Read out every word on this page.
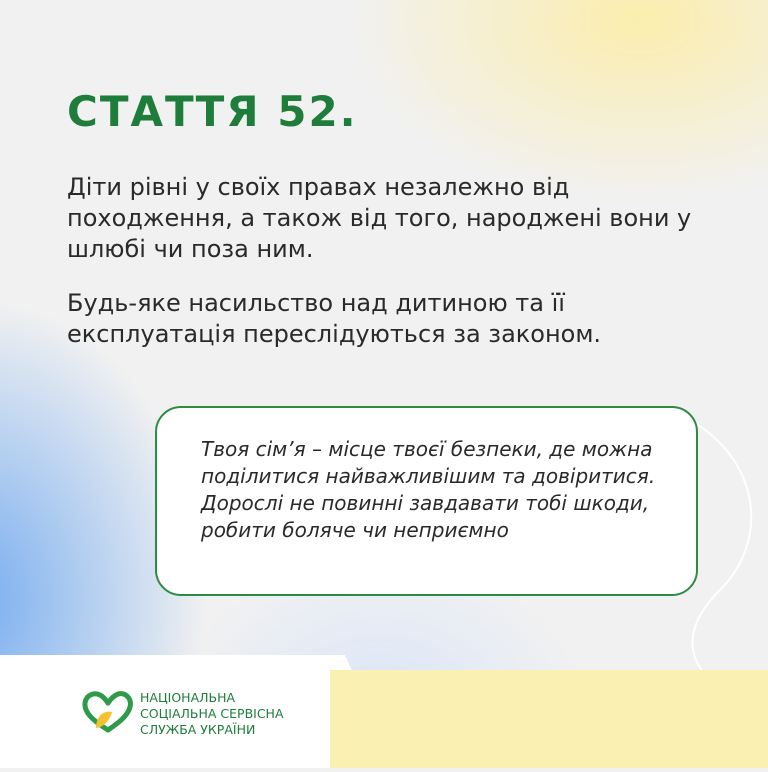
СТАТТЯ 52.

Діти рівні у своїх правах незалежно від походження, а також від того, народжені вони у шлюбі чи поза ним.

Будь-яке насильство над дитиною та її експлуатація переслідуються за законом.

Твоя сім’я – місце твоєї безпеки, де можна поділитися найважливішим та довіритися. Дорослі не повинні завдавати тобі шкоди, робити боляче чи неприємно

НАЦІОНАЛЬНА
СОЦІАЛЬНА СЕРВІСНА
СЛУЖБА УКРАЇНИ
